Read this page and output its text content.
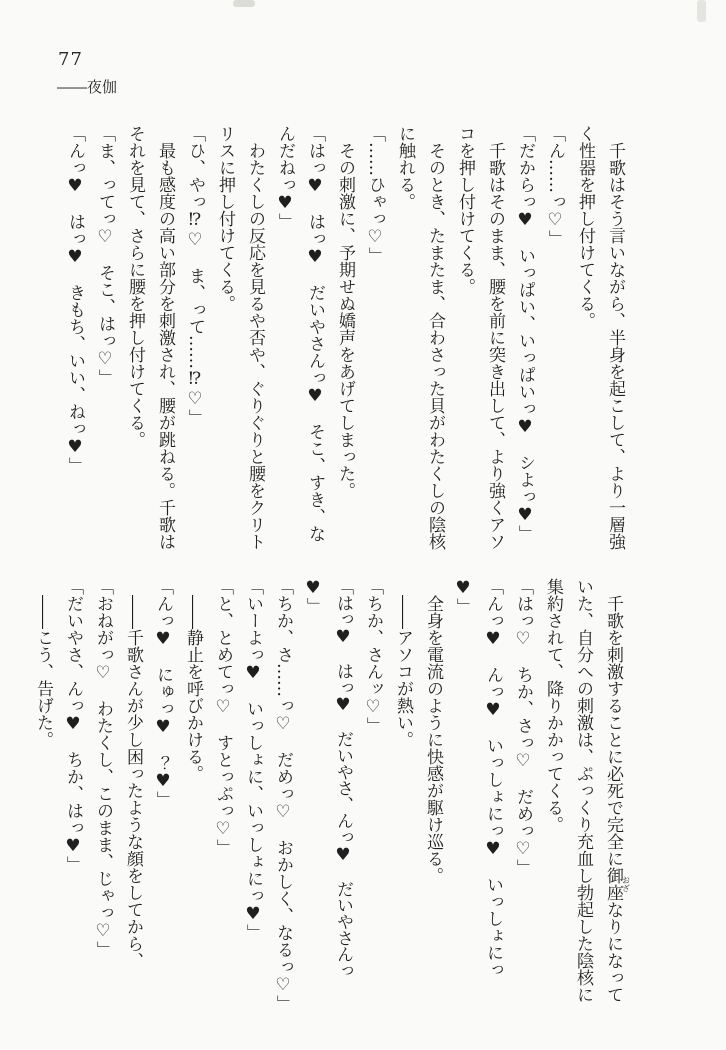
77
――夜伽

千歌はそう言いながら、半身を起こして、より一層強く性器を押し付けてくる。

「ん……っ♡」

「だからっ♥　いっぱい、いっぱいっ♥　シよっ♥」

千歌はそのまま、腰を前に突き出して、より強くアソコを押し付けてくる。

そのとき、たまたま、合わさった貝がわたくしの陰核に触れる。

「……ひゃっ♡」

その刺激に、予期せぬ嬌声をあげてしまった。

「はっ♥　はっ♥　だいやさんっ♥　そこ、すき、なんだねっ♥」

わたくしの反応を見るや否や、ぐりぐりと腰をクリトリスに押し付けてくる。

「ひ、やっ⁉♡　ま、って……⁉♡」

最も感度の高い部分を刺激され、腰が跳ねる。千歌はそれを見て、さらに腰を押し付けてくる。

「ま、ってっ♡　そこ、はっ♡」

「んっ♥　はっ♥　きもち、いい、ねっ♥」

千歌を刺激することに必死で完全に御座おざなりになっていた、自分への刺激は、ぷっくり充血し勃起した陰核に集約されて、降りかかってくる。

「はっ♡　ちか、さっ♡　だめっ♡」

「んっ♥　んっ♥　いっしょにっ♥　いっしょにっ♥」

全身を電流のように快感が駆け巡る。

――アソコが熱い。

「ちか、さんッ♡」

「はっ♥　はっ♥　だいやさ、んっ♥　だいやさんっ♥」

「ちか、さ……っ♡　だめっ♡　おかしく、なるっ♡」

「いーよっ♥　いっしょに、いっしょにっ♥」

「と、とめてっ♡　すとっぷっ♡」

――静止を呼びかける。

「んっ♥　にゅっ♥　？♥」

――千歌さんが少し困ったような顔をしてから、

「おねがっ♡　わたくし、このまま、じゃっ♡」

「だいやさ、んっ♥　ちか、はっ♥」

――こう、告げた。
